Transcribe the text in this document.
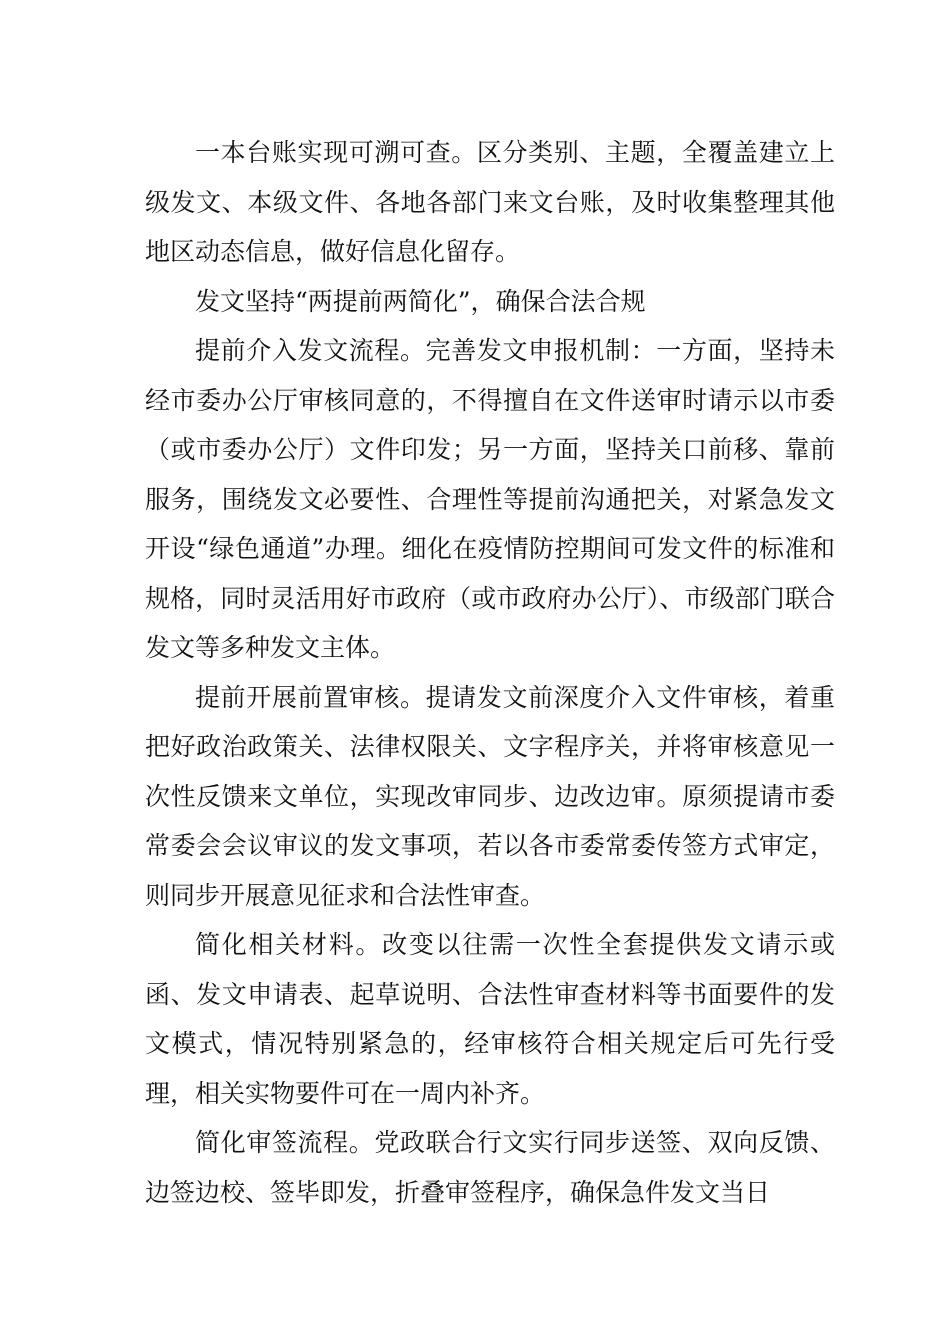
一本台账实现可溯可查。区分类别、主题，全覆盖建立上级发文、本级文件、各地各部门来文台账，及时收集整理其他地区动态信息，做好信息化留存。

发文坚持“两提前两简化”，确保合法合规

提前介入发文流程。完善发文申报机制：一方面，坚持未经市委办公厅审核同意的，不得擅自在文件送审时请示以市委（或市委办公厅）文件印发；另一方面，坚持关口前移、靠前服务，围绕发文必要性、合理性等提前沟通把关，对紧急发文开设“绿色通道”办理。细化在疫情防控期间可发文件的标准和规格，同时灵活用好市政府（或市政府办公厅）、市级部门联合发文等多种发文主体。

提前开展前置审核。提请发文前深度介入文件审核，着重把好政治政策关、法律权限关、文字程序关，并将审核意见一次性反馈来文单位，实现改审同步、边改边审。原须提请市委常委会会议审议的发文事项，若以各市委常委传签方式审定，则同步开展意见征求和合法性审查。

简化相关材料。改变以往需一次性全套提供发文请示或函、发文申请表、起草说明、合法性审查材料等书面要件的发文模式，情况特别紧急的，经审核符合相关规定后可先行受理，相关实物要件可在一周内补齐。

简化审签流程。党政联合行文实行同步送签、双向反馈、边签边校、签毕即发，折叠审签程序，确保急件发文当日
